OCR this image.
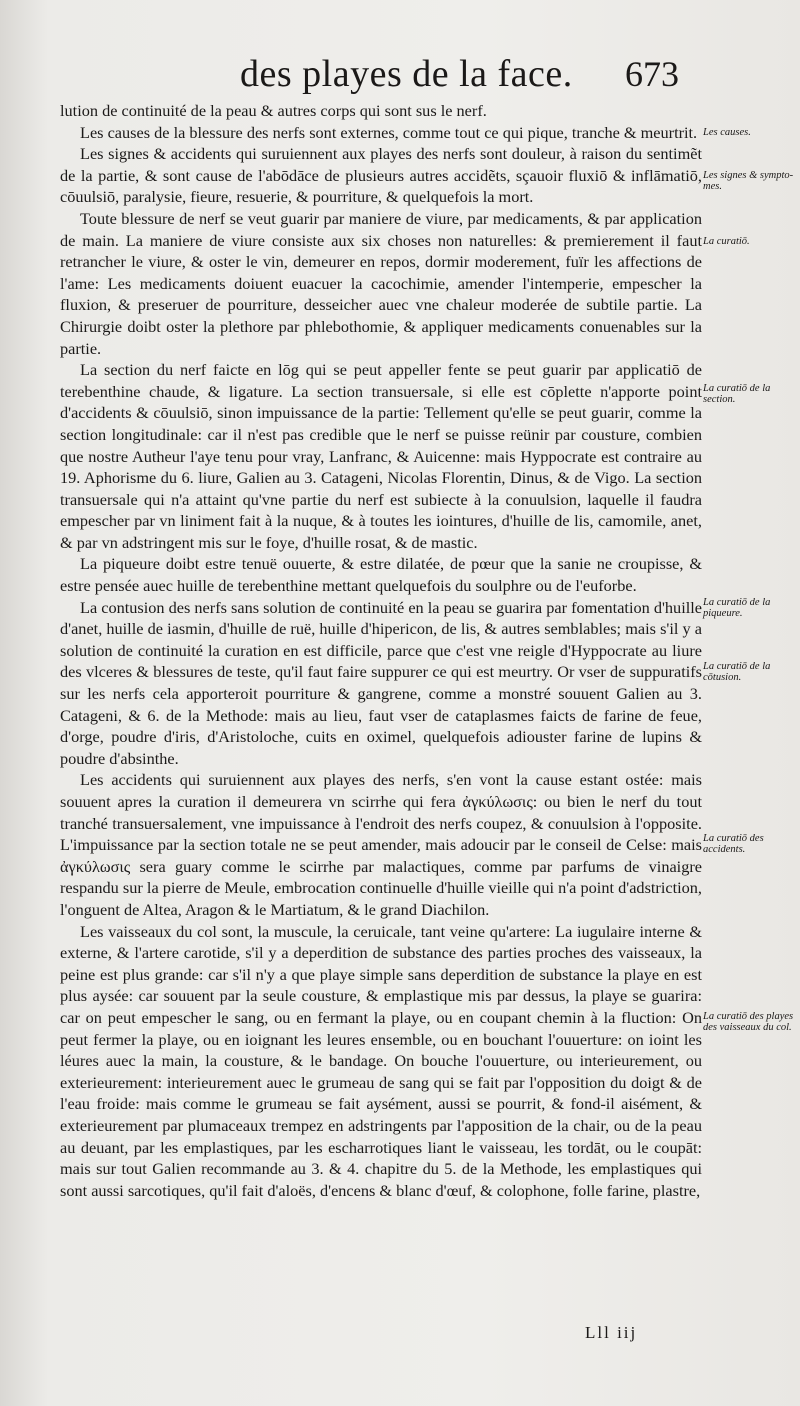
des playes de la face. 673

lution de continuité de la peau & autres corps qui sont sus le nerf.

Les causes de la blessure des nerfs sont externes, comme tout ce qui pique, tranche & meurtrit.

Les signes & accidents qui suruiennent aux playes des nerfs sont douleur, à raison du sentimẽt de la partie, & sont cause de l'abōdāce de plusieurs autres accidẽts, sçauoir fluxiō & inflāmatiō, cōuulsiō, paralysie, fieure, resuerie, & pourriture, & quelquefois la mort.

Toute blessure de nerf se veut guarir par maniere de viure, par medicaments, & par application de main. La maniere de viure consiste aux six choses non naturelles: & premierement il faut retrancher le viure, & oster le vin, demeurer en repos, dormir moderement, fuïr les affections de l'ame: Les medicaments doiuent euacuer la cacochimie, amender l'intemperie, empescher la fluxion, & preseruer de pourriture, desseicher auec vne chaleur moderée de subtile partie. La Chirurgie doibt oster la plethore par phlebothomie, & appliquer medicaments conuenables sur la partie.

La section du nerf faicte en lōg qui se peut appeller fente se peut guarir par applicatiō de terebenthine chaude, & ligature. La section transuersale, si elle est cōplette n'apporte point d'accidents & cōuulsiō, sinon impuissance de la partie: Tellement qu'elle se peut guarir, comme la section longitudinale: car il n'est pas credible que le nerf se puisse reünir par cousture, combien que nostre Autheur l'aye tenu pour vray, Lanfranc, & Auicenne: mais Hyppocrate est contraire au 19. Aphorisme du 6. liure, Galien au 3. Catageni, Nicolas Florentin, Dinus, & de Vigo. La section transuersale qui n'a attaint qu'vne partie du nerf est subiecte à la conuulsion, laquelle il faudra empescher par vn liniment fait à la nuque, & à toutes les iointures, d'huille de lis, camomile, anet, & par vn adstringent mis sur le foye, d'huille rosat, & de mastic.

La piqueure doibt estre tenuë ouuerte, & estre dilatée, de pœur que la sanie ne croupisse, & estre pensée auec huille de terebenthine mettant quelquefois du soulphre ou de l'euforbe.

La contusion des nerfs sans solution de continuité en la peau se guarira par fomentation d'huille d'anet, huille de iasmin, d'huille de ruë, huille d'hipericon, de lis, & autres semblables; mais s'il y a solution de continuité la curation en est difficile, parce que c'est vne reigle d'Hyppocrate au liure des vlceres & blessures de teste, qu'il faut faire suppurer ce qui est meurtry. Or vser de suppuratifs sur les nerfs cela apporteroit pourriture & gangrene, comme a monstré souuent Galien au 3. Catageni, & 6. de la Methode: mais au lieu, faut vser de cataplasmes faicts de farine de feue, d'orge, poudre d'iris, d'Aristoloche, cuits en oximel, quelquefois adiouster farine de lupins & poudre d'absinthe.

Les accidents qui suruiennent aux playes des nerfs, s'en vont la cause estant ostée: mais souuent apres la curation il demeurera vn scirrhe qui fera ἀγκύλωσις: ou bien le nerf du tout tranché transuersalement, vne impuissance à l'endroit des nerfs coupez, & conuulsion à l'opposite. L'impuissance par la section totale ne se peut amender, mais adoucir par le conseil de Celse: mais ἀγκύλωσις sera guary comme le scirrhe par malactiques, comme par parfums de vinaigre respandu sur la pierre de Meule, embrocation continuelle d'huille vieille qui n'a point d'adstriction, l'onguent de Altea, Aragon & le Martiatum, & le grand Diachilon.

Les vaisseaux du col sont, la muscule, la ceruicale, tant veine qu'artere: La iugulaire interne & externe, & l'artere carotide, s'il y a deperdition de substance des parties proches des vaisseaux, la peine est plus grande: car s'il n'y a que playe simple sans deperdition de substance la playe en est plus aysée: car souuent par la seule cousture, & emplastique mis par dessus, la playe se guarira: car on peut empescher le sang, ou en fermant la playe, ou en coupant chemin à la fluction: On peut fermer la playe, ou en ioignant les leures ensemble, ou en bouchant l'ouuerture: on ioint les léures auec la main, la cousture, & le bandage. On bouche l'ouuerture, ou interieurement, ou exterieurement: interieurement auec le grumeau de sang qui se fait par l'opposition du doigt & de l'eau froide: mais comme le grumeau se fait aysément, aussi se pourrit, & fond-il aisément, & exterieurement par plumaceaux trempez en adstringents par l'apposition de la chair, ou de la peau au deuant, par les emplastiques, par les escharrotiques liant le vaisseau, les tordāt, ou le coupāt: mais sur tout Galien recommande au 3. & 4. chapitre du 5. de la Methode, les emplastiques qui sont aussi sarcotiques, qu'il fait d'aloës, d'encens & blanc d'œuf, & colophone, folle farine, plastre,

Les causes.
Les signes & sympto-mes.
La curatiō.
La curatiō de la section.
La curatiō de la piqueure.
La curatiō de la cōtusion.
La curatiō des accidents.
La curatiō des playes des vaisseaux du col.
Lll iij
